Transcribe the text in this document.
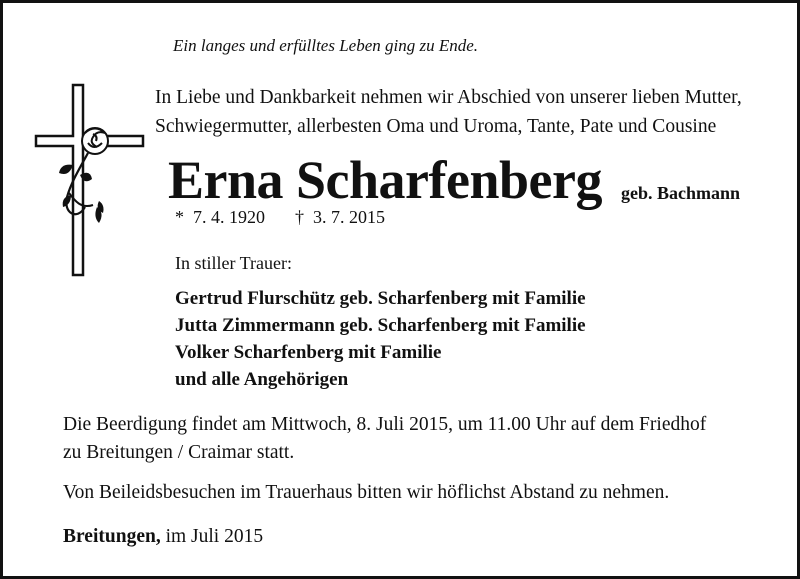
Ein langes und erfülltes Leben ging zu Ende.

In Liebe und Dankbarkeit nehmen wir Abschied von unserer lieben Mutter,

Schwiegermutter, allerbesten Oma und Uroma, Tante, Pate und Cousine

Erna Scharfenberg geb. Bachmann

* 7. 4. 1920 † 3. 7. 2015

In stiller Trauer:

Gertrud Flurschütz geb. Scharfenberg mit Familie

Jutta Zimmermann geb. Scharfenberg mit Familie

Volker Scharfenberg mit Familie

und alle Angehörigen

Die Beerdigung findet am Mittwoch, 8. Juli 2015, um 11.00 Uhr auf dem Friedhof

zu Breitungen / Craimar statt.

Von Beileidsbesuchen im Trauerhaus bitten wir höflichst Abstand zu nehmen.

Breitungen, im Juli 2015
